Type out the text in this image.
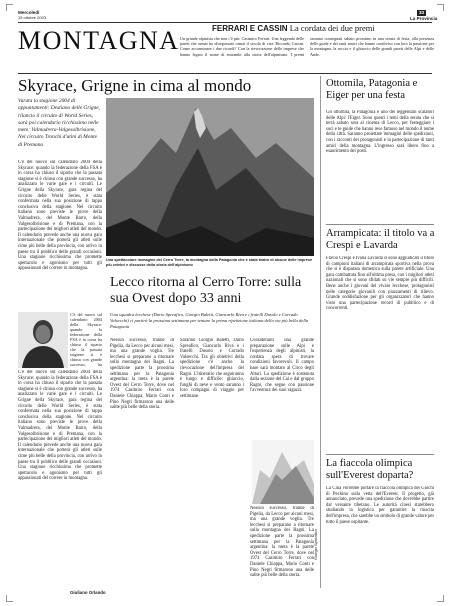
Mercoledì
15 ottobre 2003
33
La Provincia
MONTAGNA	FERRARI E CASSIN La cordata dei due premi
Un grande alpinista che non c'è più: Casimiro Ferrari. Una leggenda delle pareti che ormai ha oltrepassato ormai il secolo di vita: Riccardo Cassin. Come accomunare i due ricordi? Con la rievocazione delle imprese che hanno legato il nome di entrambi alla storia dell'alpinismo. I premi saranno consegnati sabato prossimo in una serata di festa, alla presenza delle guide e dei tanti amici che hanno condiviso con loro la passione per la montagna, la roccia e il ghiaccio delle grandi pareti delle Alpi e delle Ande.
Skyrace, Grigne in cima al mondo
Varata la stagione 2004 di appuntamenti: Destiano delle Grigne, rilancio il circuito di World Series, sarà poi calendario ricchissimo nelle mete: Valmadrera-Valgesolbrisione, Nel circuito Tronchi d'utini di Monte di Premana
Una spettacolare immagine del Cerro Torre, la montagna della Patagonia che è stata teatro di alcune delle imprese più celebri e discusse della storia dell'alpinismo
C'è del nuovo sul calendario 2004 della Skyrace: quando la federazione della FSA è in corsa ha chiuso il sipario che la passata stagione si è chiusa con grande successo, ha analizzato le varie gare e i circuiti. Le Grigne della Skyrace, gara regina del circuito delle World Series, è stata confermata nella sua posizione di tappa conclusiva della stagione. Nel circuito italiano sono previste le prove della Valmadrera, del Monte Barro, della Valgesolbrisione e di Premana, con la partecipazione dei migliori atleti del mondo. Il calendario prevede anche una nuova gara internazionale che porterà gli atleti sulle cime più belle della provincia, con arrivo in paese tra il pubblico delle grandi occasioni. Una stagione ricchissima che promette spettacolo e agonismo per tutti gli appassionati del correre in montagna.
C'è del nuovo sul calendario 2004 della Skyrace: quando la federazione della FSA è in corsa ha chiuso il sipario che la passata stagione si è chiusa con grande successo, ha
C'è del nuovo sul calendario 2004 della Skyrace: quando la federazione della FSA è in corsa ha chiuso il sipario che la passata stagione si è chiusa con grande successo, ha analizzato le varie gare e i circuiti. Le Grigne della Skyrace, gara regina del circuito delle World Series, è stata confermata nella sua posizione di tappa conclusiva della stagione. Nel circuito italiano sono previste le prove della Valmadrera, del Monte Barro, della Valgesolbrisione e di Premana, con la partecipazione dei migliori atleti del mondo. Il calendario prevede anche una nuova gara internazionale che porterà gli atleti sulle cime più belle della provincia, con arrivo in paese tra il pubblico delle grandi occasioni. Una stagione ricchissima che promette spettacolo e agonismo per tutti gli appassionati del correre in montagna.
Giuliano Orlando
Lecco ritorna al Cerro Torre: sulla sua Ovest dopo 33 anni
Una squadra lecchese (Dario Spreafico, Giorgio Baletti, Giancarlo Riva e i fratelli Dusolo e Corrado Valsecchi) ci partirà la prossima settimana per tentare la prima ripetizione italiana della via più bella della Patagonia
Nessun successo, tranne di Pigelia, da Lecco per alcuni mesi, ma una grande voglia. Tre lecchesi si preparano a ritornare sulla montagna dei Ragni. La spedizione parte la prossima settimana per la Patagonia argentina: la meta è la parete Ovest del Cerro Torre, dove nel 1974 Casimiro Ferrari con Daniele Chiappa, Mario Conti e Pino Negri firmarono una delle salite più belle della storia.
Saranno Giorgio Baletti, Dario Spreafico, Giancarlo Riva e i fratelli Dusolo e Corrado Valsecchi. Tra gli obiettivi della spedizione c'è anche la rievocazione dell'impresa dei Ragni. L'itinerario che seguiranno è lungo e difficile: ghiaccio, funghi di neve e vento saranno i loro compagni di viaggio per settimane.
Consideranti una grande preparazione sulle Alpi e l'esperienza degli alpinisti, la cordata spera di trovare condizioni favorevoli. Il campo base sarà montato al Circo degli Altari. La spedizione è sostenuta dalla sezione del Cai e dal gruppo Ragni, che segue con passione l'avventura dei suoi ragazzi.
Nessun successo, tranne di Pigelia, da Lecco per alcuni mesi, ma una grande voglia. Tre lecchesi si preparano a ritornare sulla montagna dei Ragni. La spedizione parte la prossima settimana per la Patagonia argentina: la meta è la parete Ovest del Cerro Torre, dove nel 1974 Casimiro Ferrari con Daniele Chiappa, Mario Conti e Pino Negri firmarono una delle salite più belle della storia.
Giorgio Spreafico
Ottomila, Patagonia e Eiger per una festa
Gli ottomila, la Patagonia e uno dei leggendari scalatori delle Alpi: l'Eiger. Sono questi i temi della serata che si terrà sabato sera al cinema di Lecco, per festeggiare i soci e le guide che hanno reso famoso nel mondo il nome della città. Saranno proiettate immagini delle spedizioni, con i racconti dei protagonisti e la partecipazione di tanti amici della montagna. L'ingresso sarà libero fino a esaurimento dei posti.
Arrampicata: il titolo va a Crespi e Lavarda
Flavio Crespi e Ivana Lavarda si sono aggiudicati il titolo di campioni italiani di arrampicata sportiva nella prova che si è disputata domenica sulla parete artificiale. Una gara combattuta fino all'ultima presa, con i migliori atleti nazionali che si sono sfidati su vie sempre più difficili. Bene anche i giovani del vivaio lecchese, protagonisti nelle categorie giovanili con piazzamenti di rilievo. Grande soddisfazione per gli organizzatori che hanno visto una partecipazione record di pubblico e di concorrenti.
La fiaccola olimpica sull'Everest doparta?
La Cina vorrebbe portare la fiaccola olimpica dei Giochi di Pechino sulla vetta dell'Everest. Il progetto, già annunciato, prevede una spedizione che dovrebbe partire dal versante tibetano. Le autorità cinesi starebbero studiando la logistica per garantire la riuscita dell'impresa, che sarebbe un simbolo di grande valore per tutto il paese ospitante.
